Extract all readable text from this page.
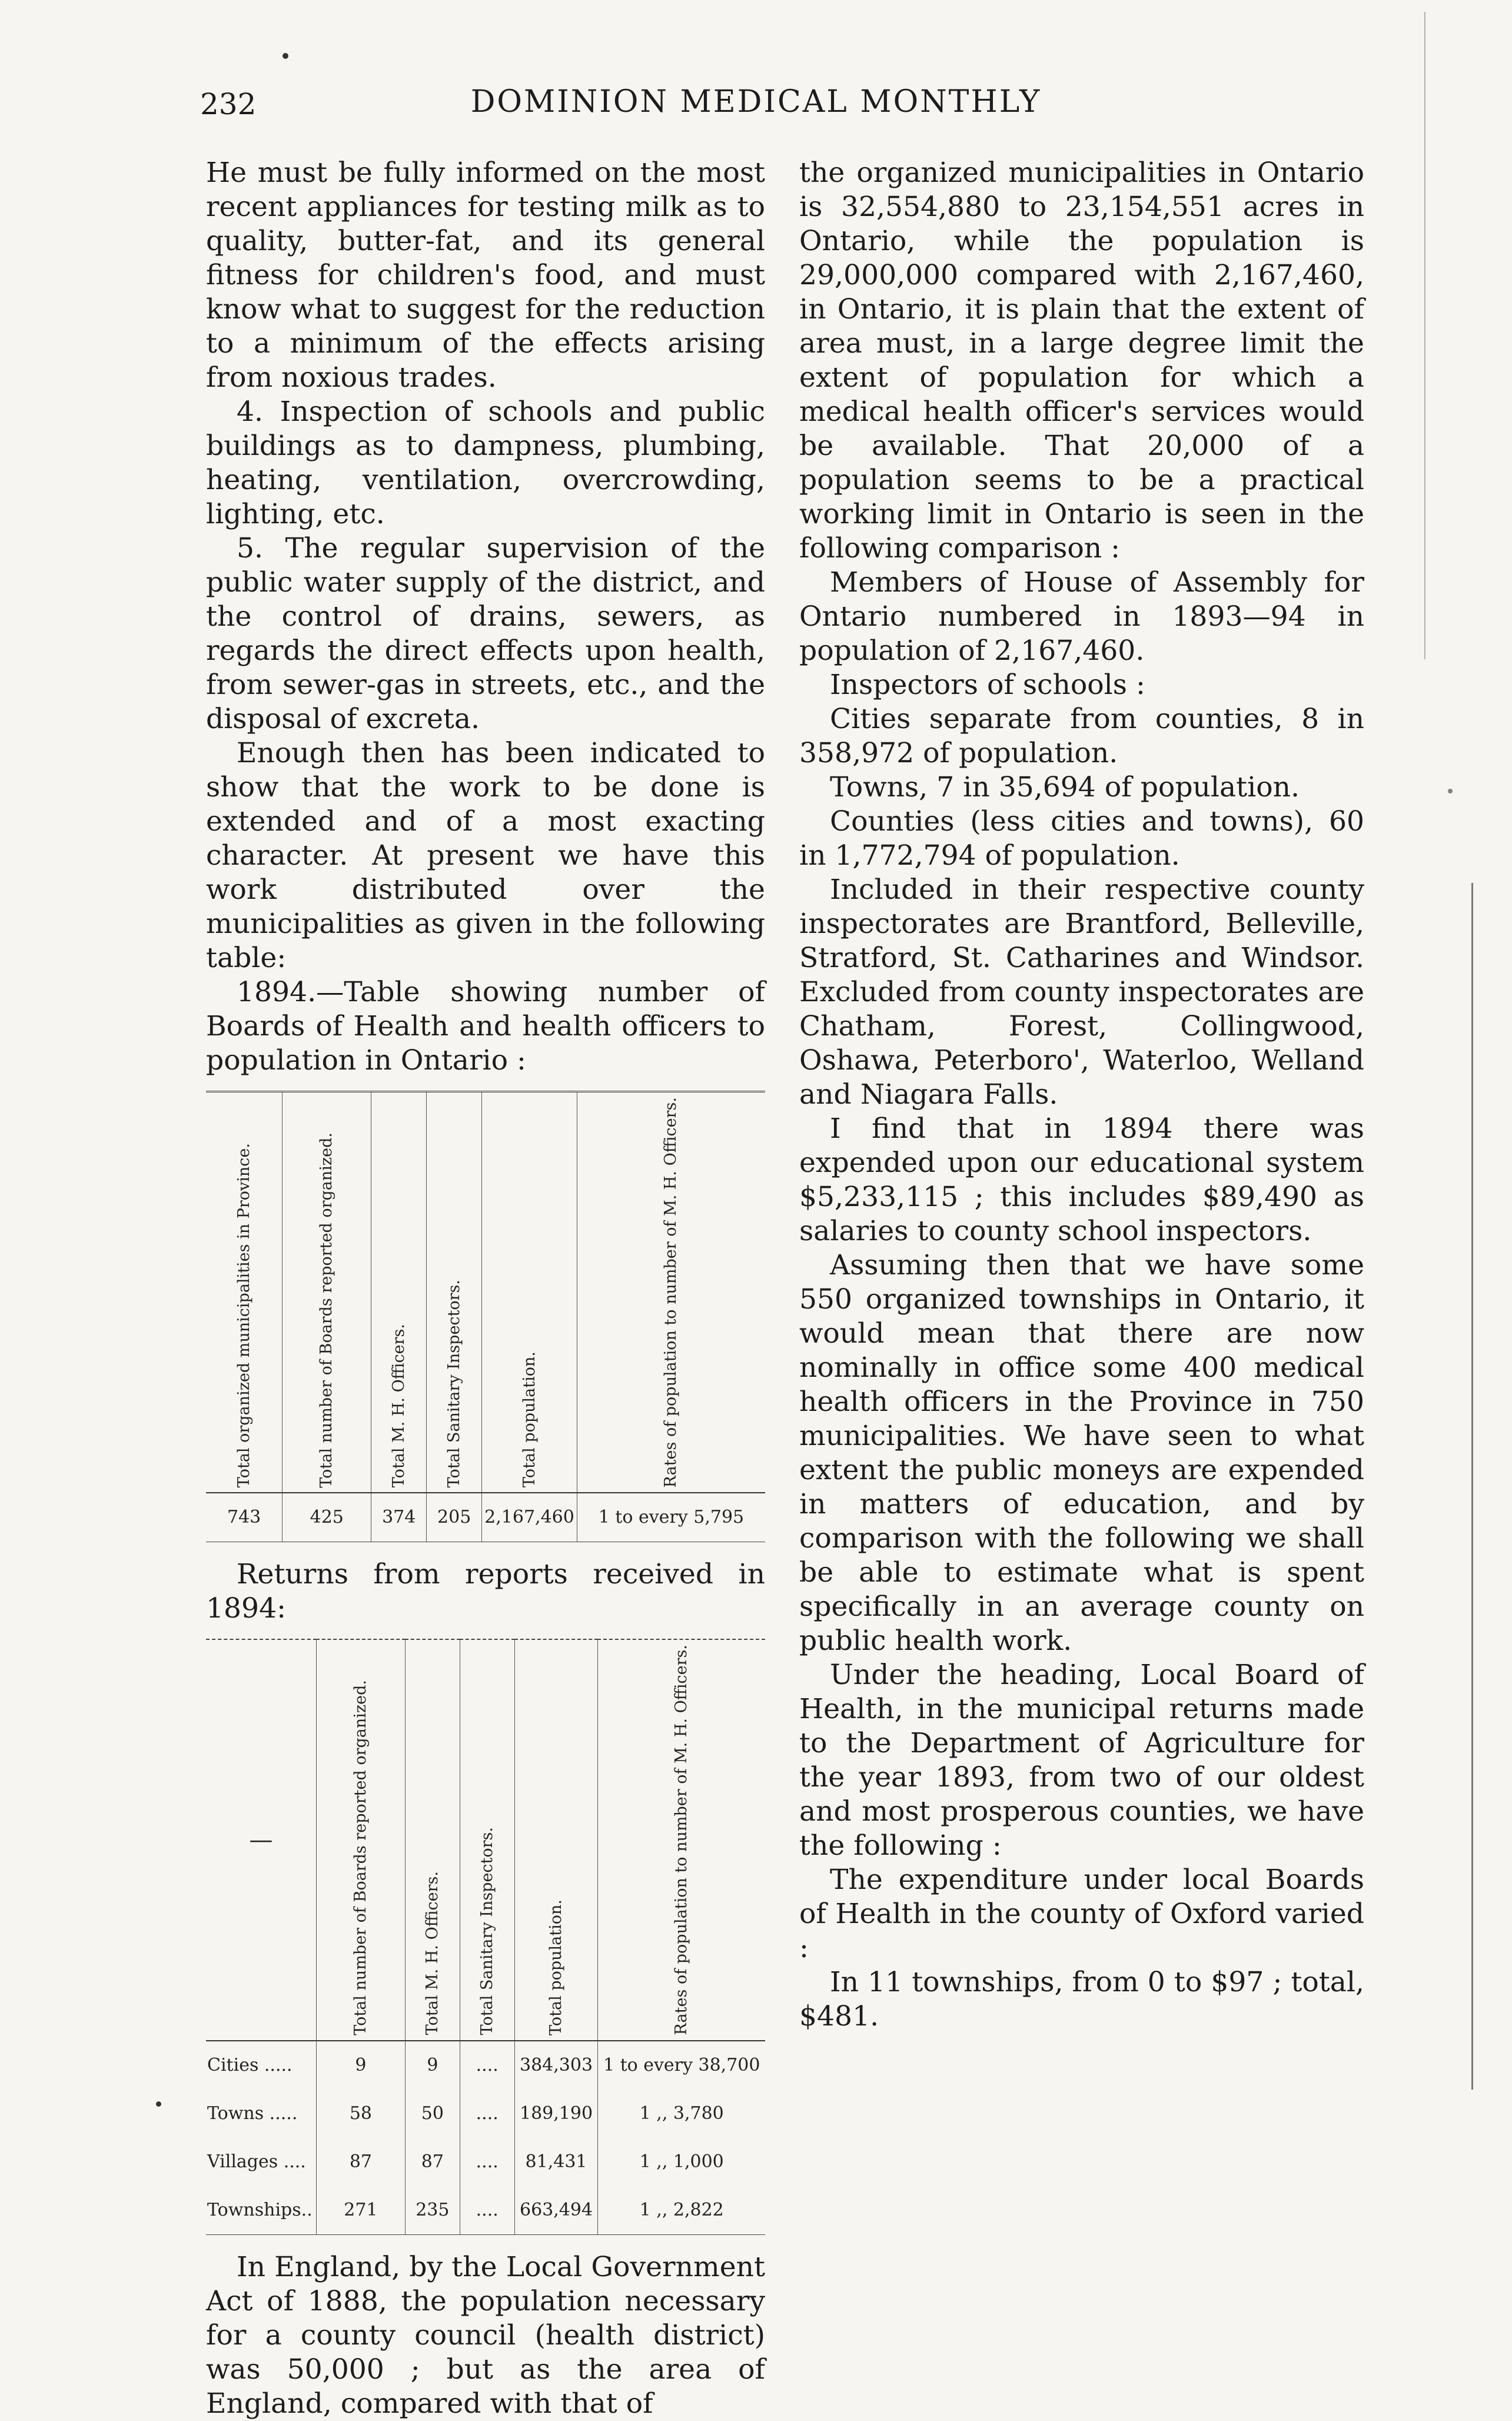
232	DOMINION MEDICAL MONTHLY

He must be fully informed on the most recent appliances for testing milk as to quality, butter-fat, and its general fitness for children's food, and must know what to suggest for the reduction to a minimum of the effects arising from noxious trades.

4. Inspection of schools and public buildings as to dampness, plumbing, heating, ventilation, overcrowding, lighting, etc.

5. The regular supervision of the public water supply of the district, and the control of drains, sewers, as regards the direct effects upon health, from sewer-gas in streets, etc., and the disposal of excreta.

Enough then has been indicated to show that the work to be done is extended and of a most exacting character. At present we have this work distributed over the municipalities as given in the following table:

1894.—Table showing number of Boards of Health and health officers to population in Ontario :

Total organized municipalities in Province.	Total number of Boards reported organized.	Total M. H. Officers.	Total Sanitary Inspectors.	Total population.	Rates of population to number of M. H. Officers.

743	425	374	205	2,167,460	1 to every 5,795

Returns from reports received in 1894:

—	Total number of Boards reported organized.	Total M. H. Officers.	Total Sanitary Inspectors.	Total population.	Rates of population to number of M. H. Officers.

Cities .....	9	9	....	384,303	1 to every 38,700
Towns .....	58	50	....	189,190	1 ,, 3,780
Villages ....	87	87	....	81,431	1 ,, 1,000
Townships..	271	235	....	663,494	1 ,, 2,822

In England, by the Local Government Act of 1888, the population necessary for a county council (health district) was 50,000 ; but as the area of England, compared with that of

the organized municipalities in Ontario is 32,554,880 to 23,154,551 acres in Ontario, while the population is 29,000,000 compared with 2,167,460, in Ontario, it is plain that the extent of area must, in a large degree limit the extent of population for which a medical health officer's services would be available. That 20,000 of a population seems to be a practical working limit in Ontario is seen in the following comparison :

Members of House of Assembly for Ontario numbered in 1893—94 in population of 2,167,460.

Inspectors of schools :

Cities separate from counties, 8 in 358,972 of population.

Towns, 7 in 35,694 of population.

Counties (less cities and towns), 60 in 1,772,794 of population.

Included in their respective county inspectorates are Brantford, Belleville, Stratford, St. Catharines and Windsor. Excluded from county inspectorates are Chatham, Forest, Collingwood, Oshawa, Peterboro', Waterloo, Welland and Niagara Falls.

I find that in 1894 there was expended upon our educational system $5,233,115 ; this includes $89,490 as salaries to county school inspectors.

Assuming then that we have some 550 organized townships in Ontario, it would mean that there are now nominally in office some 400 medical health officers in the Province in 750 municipalities. We have seen to what extent the public moneys are expended in matters of education, and by comparison with the following we shall be able to estimate what is spent specifically in an average county on public health work.

Under the heading, Local Board of Health, in the municipal returns made to the Department of Agriculture for the year 1893, from two of our oldest and most prosperous counties, we have the following :

The expenditure under local Boards of Health in the county of Oxford varied :

In 11 townships, from 0 to $97 ; total, $481.
